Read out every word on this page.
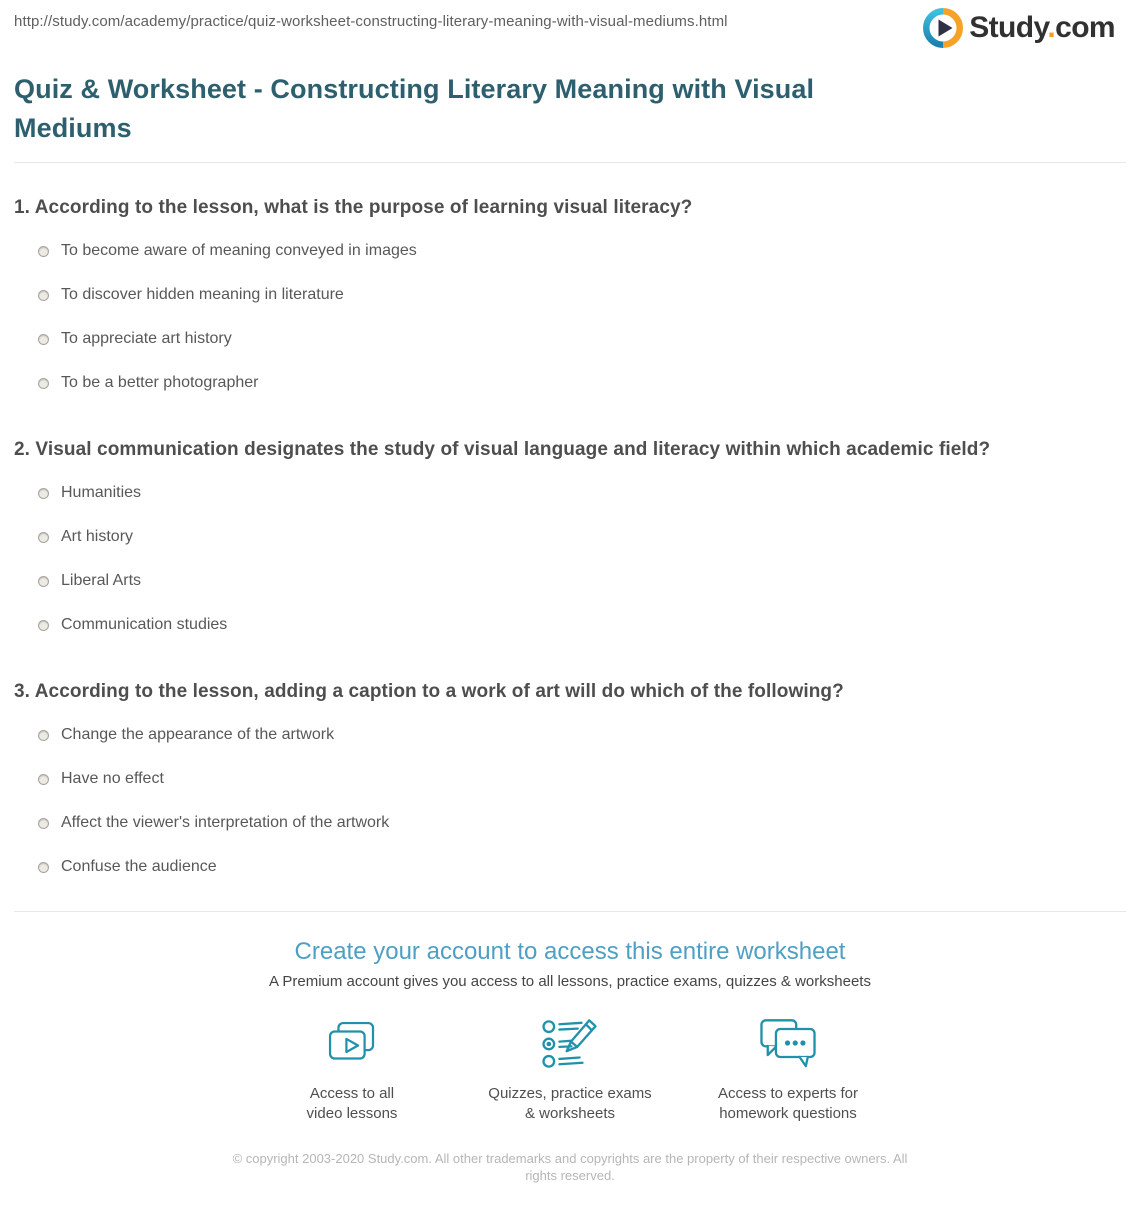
http://study.com/academy/practice/quiz-worksheet-constructing-literary-meaning-with-visual-mediums.html	Study.com
Quiz & Worksheet - Constructing Literary Meaning with Visual Mediums
1. According to the lesson, what is the purpose of learning visual literacy?
To become aware of meaning conveyed in images
To discover hidden meaning in literature
To appreciate art history
To be a better photographer
2. Visual communication designates the study of visual language and literacy within which academic field?
Humanities
Art history
Liberal Arts
Communication studies
3. According to the lesson, adding a caption to a work of art will do which of the following?
Change the appearance of the artwork
Have no effect
Affect the viewer's interpretation of the artwork
Confuse the audience
Create your account to access this entire worksheet

A Premium account gives you access to all lessons, practice exams, quizzes & worksheets

Access to all
video lessons
Quizzes, practice exams
& worksheets
Access to experts for
homework questions

© copyright 2003-2020 Study.com. All other trademarks and copyrights are the property of their respective owners. All rights reserved.
